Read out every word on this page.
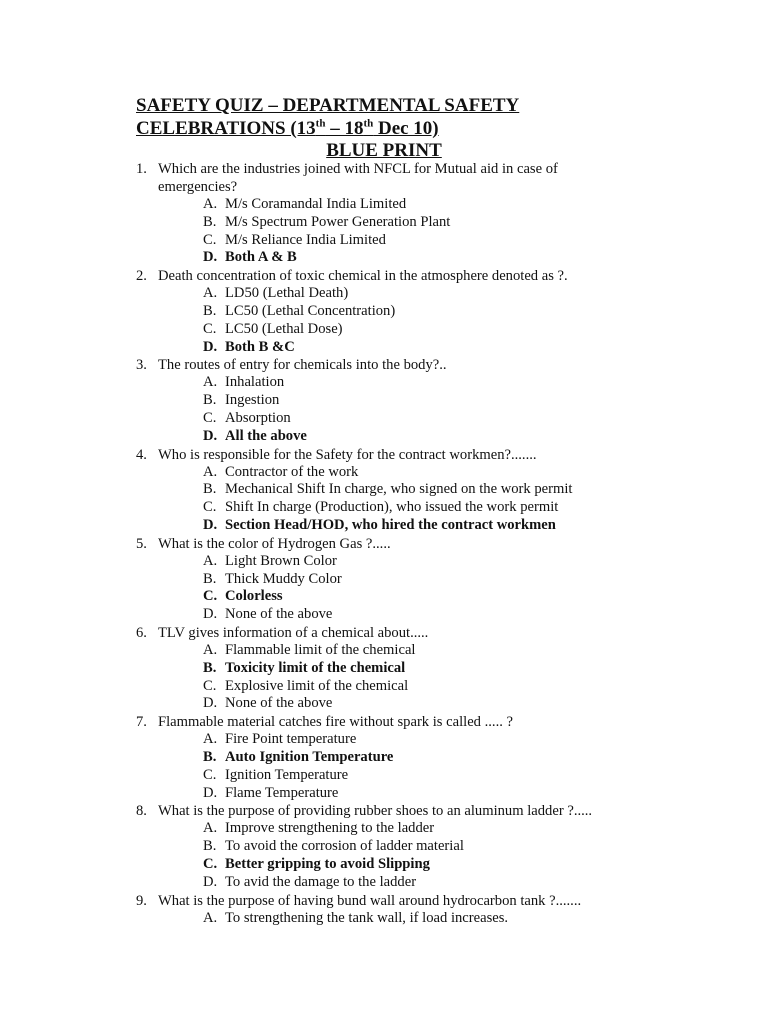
SAFETY QUIZ – DEPARTMENTAL SAFETY
CELEBRATIONS (13th – 18th Dec 10)
BLUE PRINT
1. Which are the industries joined with NFCL for Mutual aid in case of emergencies?
A. M/s Coramandal India Limited
B. M/s Spectrum Power Generation Plant
C. M/s Reliance India Limited
D. Both A & B
2. Death concentration of toxic chemical in the atmosphere denoted as ?.
A. LD50 (Lethal Death)
B. LC50 (Lethal Concentration)
C. LC50 (Lethal Dose)
D. Both B &C
3. The routes of entry for chemicals into the body?..
A. Inhalation
B. Ingestion
C. Absorption
D. All the above
4. Who is responsible for the Safety for the contract workmen?.......
A. Contractor of the work
B. Mechanical Shift In charge, who signed on the work permit
C. Shift In charge (Production), who issued the work permit
D. Section Head/HOD, who hired the contract workmen
5. What is the color of Hydrogen Gas ?.....
A. Light Brown Color
B. Thick Muddy Color
C. Colorless
D. None of the above
6. TLV gives information of a chemical about.....
A. Flammable limit of the chemical
B. Toxicity limit of the chemical
C. Explosive limit of the chemical
D. None of the above
7. Flammable material catches fire without spark is called ..... ?
A. Fire Point temperature
B. Auto Ignition Temperature
C. Ignition Temperature
D. Flame Temperature
8. What is the purpose of providing rubber shoes to an aluminum ladder ?.....
A. Improve strengthening to the ladder
B. To avoid the corrosion of ladder material
C. Better gripping to avoid Slipping
D. To avid the damage to the ladder
9. What is the purpose of having bund wall around hydrocarbon tank ?.......
A. To strengthening the tank wall, if load increases.
